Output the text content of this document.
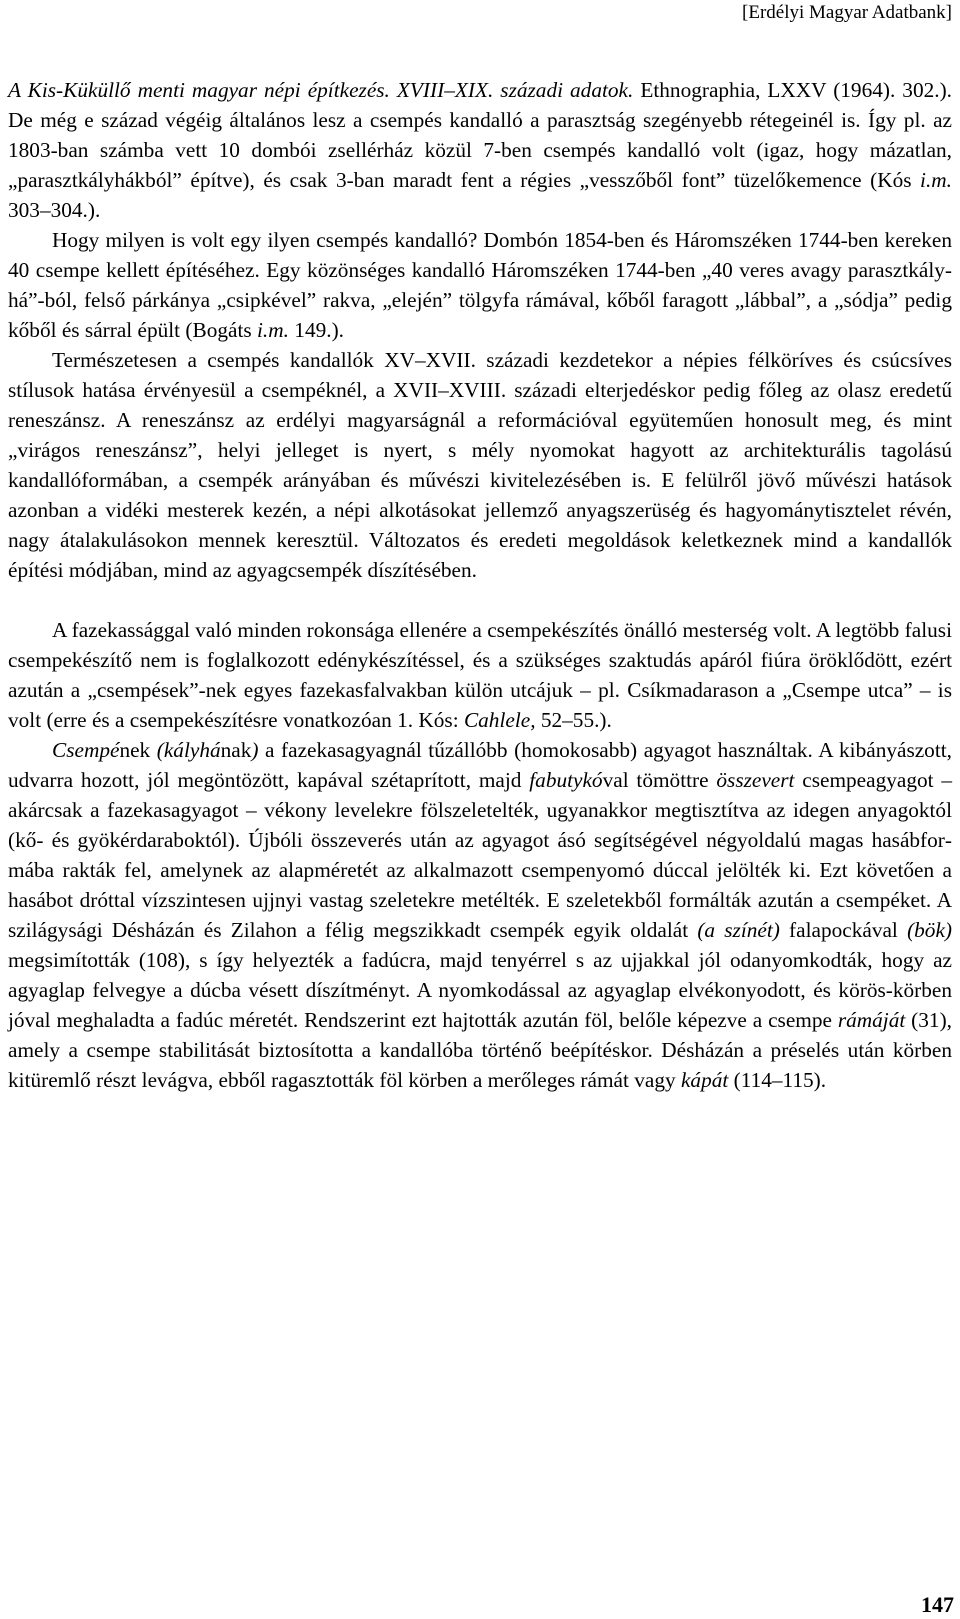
[Erdélyi Magyar Adatbank]

A Kis-Küküllő menti magyar népi építkezés. XVIII–XIX. századi adatok. Ethnographia, LXXV (1964). 302.). De még e század végéig általános lesz a csempés kandalló a parasztság szegényebb rétegeinél is. Így pl. az 1803-ban számba vett 10 dombói zsellérház közül 7-ben csempés kandalló volt (igaz, hogy mázatlan, „parasztkályhákból” építve), és csak 3-ban maradt fent a régies „vesszőből font” tüzelőkemence (Kós i.m. 303–304.).

Hogy milyen is volt egy ilyen csempés kandalló? Dombón 1854-ben és Háromszéken 1744-ben kereken 40 csempe kellett építéséhez. Egy közönséges kandalló Háromszéken 1744-ben „40 veres avagy parasztkályhá”-ból, felső párkánya „csipkével” rakva, „elején” tölgyfa rámával, kőből faragott „lábbal”, a „sódja” pedig kőből és sárral épült (Bogáts i.m. 149.).

Természetesen a csempés kandallók XV–XVII. századi kezdetekor a népies félköríves és csúcsíves stílusok hatása érvényesül a csempéknél, a XVII–XVIII. századi elterjedéskor pedig főleg az olasz eredetű reneszánsz. A reneszánsz az erdélyi magyarságnál a reformációval együteműen honosult meg, és mint „virágos reneszánsz”, helyi jelleget is nyert, s mély nyomokat hagyott az architekturális tagolású kandallóformában, a csempék arányában és művészi kivitelezésében is. E felülről jövő művészi hatások azonban a vidéki mesterek kezén, a népi alkotásokat jellemző anyagszerüség és hagyománytisztelet révén, nagy átalakulásokon mennek keresztül. Változatos és eredeti megoldások keletkeznek mind a kandallók építési módjában, mind az agyagcsempék díszítésében.

A fazekassággal való minden rokonsága ellenére a csempekészítés önálló mesterség volt. A legtöbb falusi csempekészítő nem is foglalkozott edénykészítéssel, és a szükséges szaktudás apáról fiúra öröklődött, ezért azután a „csempések”-nek egyes fazekasfalvakban külön utcájuk – pl. Csíkmadarason a „Csempe utca” – is volt (erre és a csempekészítésre vonatkozóan 1. Kós: Cahlele, 52–55.).

Csempének (kályhának) a fazekasagyagnál tűzállóbb (homokosabb) agyagot használtak. A kibányászott, udvarra hozott, jól megöntözött, kapával szétaprított, majd fabutykóval tömöttre összevert csempeagyagot – akárcsak a fazekasagyagot – vékony levelekre fölszeletelték, ugyanakkor megtisztítva az idegen anyagoktól (kő- és gyökérdaraboktól). Újbóli összeverés után az agyagot ásó segítségével négyoldalú magas hasábformába rakták fel, amelynek az alapméretét az alkalmazott csempenyomó dúccal jelölték ki. Ezt követően a hasábot dróttal vízszintesen ujjnyi vastag szeletekre metélték. E szeletekből formálták azután a csempéket. A szilágysági Désházán és Zilahon a félig megszikkadt csempék egyik oldalát (a színét) falapockával (bök) megsimították (108), s így helyezték a fadúcra, majd tenyérrel s az ujjakkal jól odanyomkodták, hogy az agyaglap felvegye a dúcba vésett díszítményt. A nyomkodással az agyaglap elvékonyodott, és körös-körben jóval meghaladta a fadúc méretét. Rendszerint ezt hajtották azután föl, belőle képezve a csempe rámáját (31), amely a csempe stabilitását biztosította a kandallóba történő beépítéskor. Désházán a préselés után körben kitüremlő részt levágva, ebből ragasztották föl körben a merőleges rámát vagy kápát (114–115).

147
